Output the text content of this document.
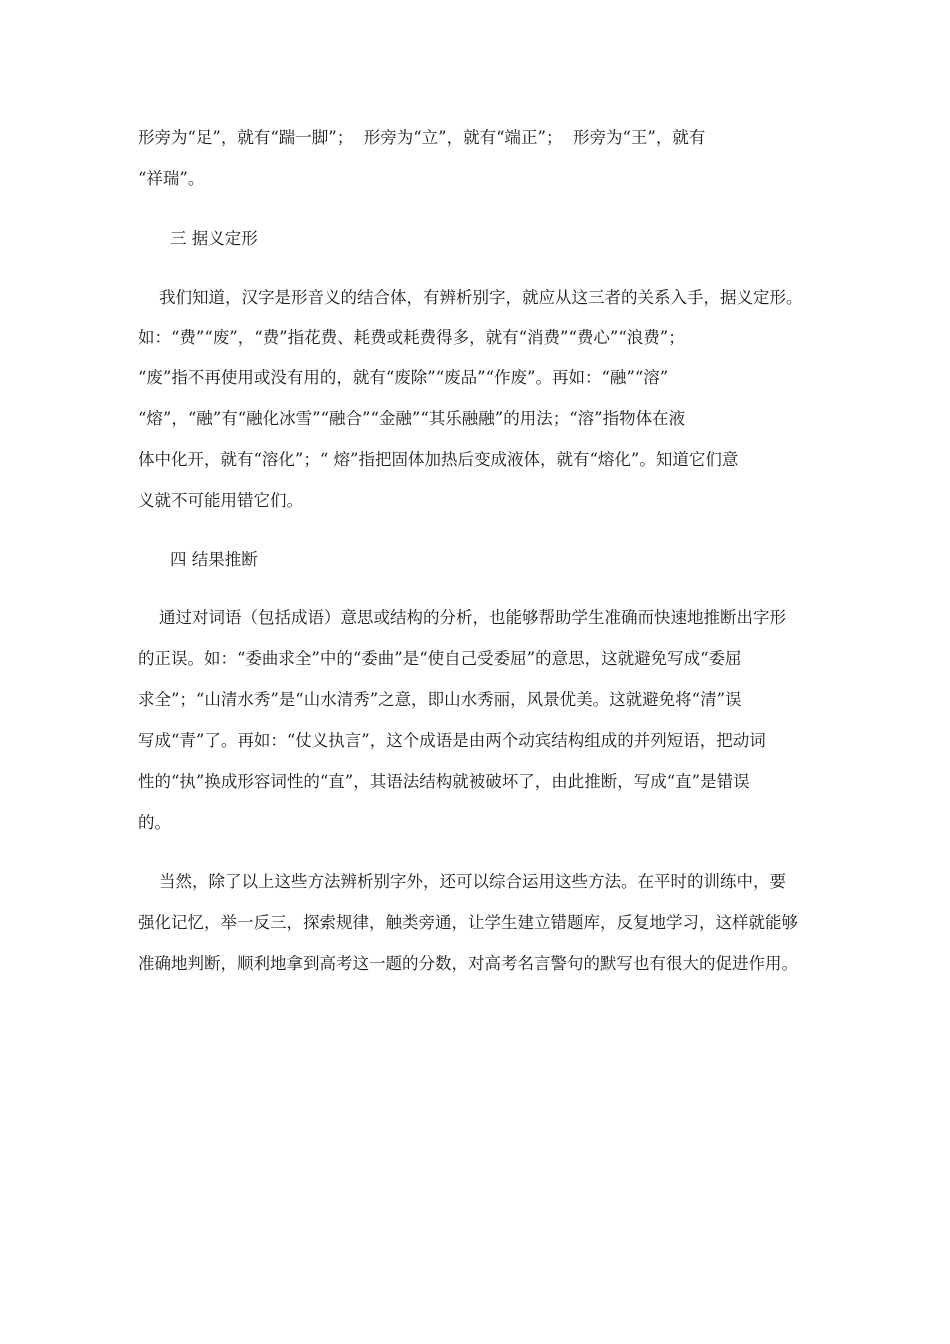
形旁为“足”，就有“踹一脚”；  形旁为“立”，就有“端正”；  形旁为“王”，就有
“祥瑞”。
三 据义定形
我们知道，汉字是形音义的结合体，有辨析别字，就应从这三者的关系入手，据义定形。
如：“费”“废”，“费”指花费、耗费或耗费得多，就有“消费”“费心”“浪费”；
“废”指不再使用或没有用的，就有“废除”“废品”“作废”。再如：“融”“溶”
“熔”，“融”有“融化冰雪”“融合”“金融”“其乐融融”的用法；“溶”指物体在液
体中化开，就有“溶化”；“ 熔”指把固体加热后变成液体，就有“熔化”。知道它们意
义就不可能用错它们。
四 结果推断
通过对词语（包括成语）意思或结构的分析，也能够帮助学生准确而快速地推断出字形
的正误。如：“委曲求全”中的“委曲”是“使自己受委屈”的意思，这就避免写成“委屈
求全”；“山清水秀”是“山水清秀”之意，即山水秀丽，风景优美。这就避免将“清”误
写成“青”了。再如：“仗义执言”，这个成语是由两个动宾结构组成的并列短语，把动词
性的“执”换成形容词性的“直”，其语法结构就被破坏了，由此推断，写成“直”是错误
的。
当然，除了以上这些方法辨析别字外，还可以综合运用这些方法。在平时的训练中，要
强化记忆，举一反三，探索规律，触类旁通，让学生建立错题库，反复地学习，这样就能够
准确地判断，顺利地拿到高考这一题的分数，对高考名言警句的默写也有很大的促进作用。
